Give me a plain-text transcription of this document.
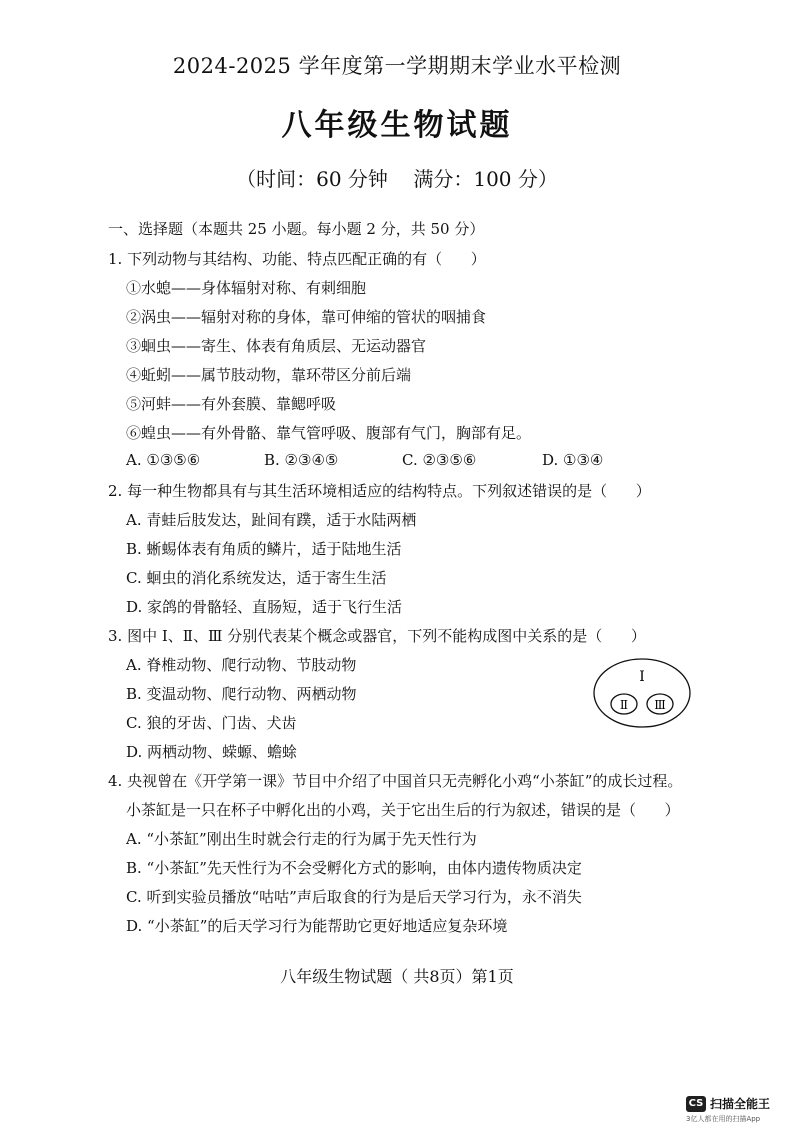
2024-2025 学年度第一学期期末学业水平检测
八年级生物试题
（时间：60 分钟    满分：100 分）
一、选择题（本题共 25 小题。每小题 2 分，共 50 分）
1. 下列动物与其结构、功能、特点匹配正确的有（      ）
①水螅——身体辐射对称、有刺细胞
②涡虫——辐射对称的身体，靠可伸缩的管状的咽捕食
③蛔虫——寄生、体表有角质层、无运动器官
④蚯蚓——属节肢动物，靠环带区分前后端
⑤河蚌——有外套膜、靠鳃呼吸
⑥蝗虫——有外骨骼、靠气管呼吸、腹部有气门，胸部有足。
A. ①③⑤⑥	B. ②③④⑤	C. ②③⑤⑥	D. ①③④
2. 每一种生物都具有与其生活环境相适应的结构特点。下列叙述错误的是（      ）
A. 青蛙后肢发达，趾间有蹼，适于水陆两栖
B. 蜥蜴体表有角质的鳞片，适于陆地生活
C. 蛔虫的消化系统发达，适于寄生生活
D. 家鸽的骨骼轻、直肠短，适于飞行生活
3. 图中 Ⅰ、Ⅱ、Ⅲ 分别代表某个概念或器官，下列不能构成图中关系的是（      ）
A. 脊椎动物、爬行动物、节肢动物
B. 变温动物、爬行动物、两栖动物
C. 狼的牙齿、门齿、犬齿
D. 两栖动物、蝾螈、蟾蜍
Ⅰ
Ⅱ Ⅲ
4. 央视曾在《开学第一课》节目中介绍了中国首只无壳孵化小鸡“小茶缸”的成长过程。
小茶缸是一只在杯子中孵化出的小鸡，关于它出生后的行为叙述，错误的是（      ）
A. “小茶缸”刚出生时就会行走的行为属于先天性行为
B. “小茶缸”先天性行为不会受孵化方式的影响，由体内遗传物质决定
C. 听到实验员播放“咕咕”声后取食的行为是后天学习行为，永不消失
D. “小茶缸”的后天学习行为能帮助它更好地适应复杂环境
八年级生物试题（ 共8页）第1页
CS 扫描全能王
3亿人都在用的扫描App
